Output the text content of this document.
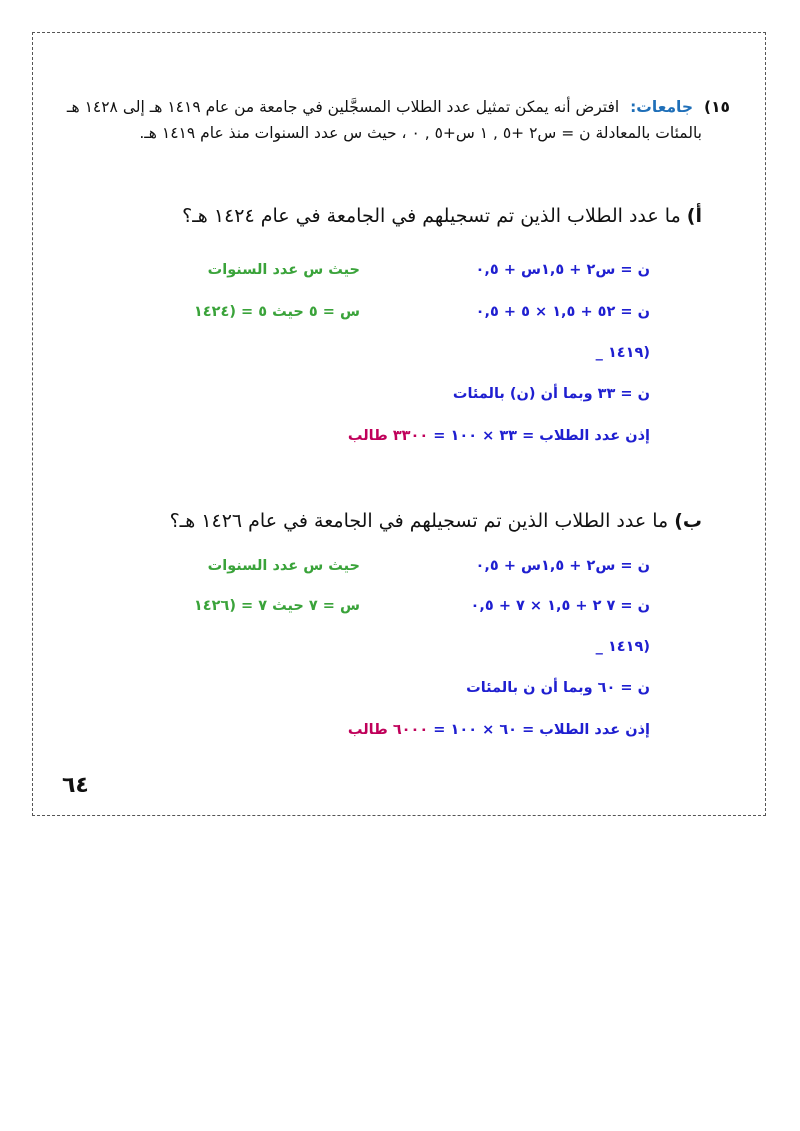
١٥) جامعات: افترض أنه يمكن تمثيل عدد الطلاب المسجَّلين في جامعة من عام ١٤١٩ هـ إلى ١٤٢٨ هـ
بالمئات بالمعادلة ن = س٢ +٥ , ١ س+٥ , ٠ ، حيث س عدد السنوات منذ عام ١٤١٩ هـ.
أ) ما عدد الطلاب الذين تم تسجيلهم في الجامعة في عام ١٤٢٤ هـ؟
ن = س٢ + ١,٥س + ٠,٥
حيث س عدد السنوات
ن = ٥٢ + ١,٥ × ٥ + ٠,٥
س = ٥ حيث ٥ = (١٤٢٤
_ ١٤١٩)
ن = ٣٣ وبما أن (ن) بالمئات
إذن عدد الطلاب = ٣٣ × ١٠٠ = ٣٣٠٠ طالب
ب) ما عدد الطلاب الذين تم تسجيلهم في الجامعة في عام ١٤٢٦ هـ؟
ن = س٢ + ١,٥س + ٠,٥
حيث س عدد السنوات
ن = ٧ ٢ + ١,٥ × ٧ + ٠,٥
س = ٧ حيث ٧ = (١٤٢٦
_ ١٤١٩)
ن = ٦٠ وبما أن ن بالمئات
إذن عدد الطلاب = ٦٠ × ١٠٠ = ٦٠٠٠ طالب
٦٤
